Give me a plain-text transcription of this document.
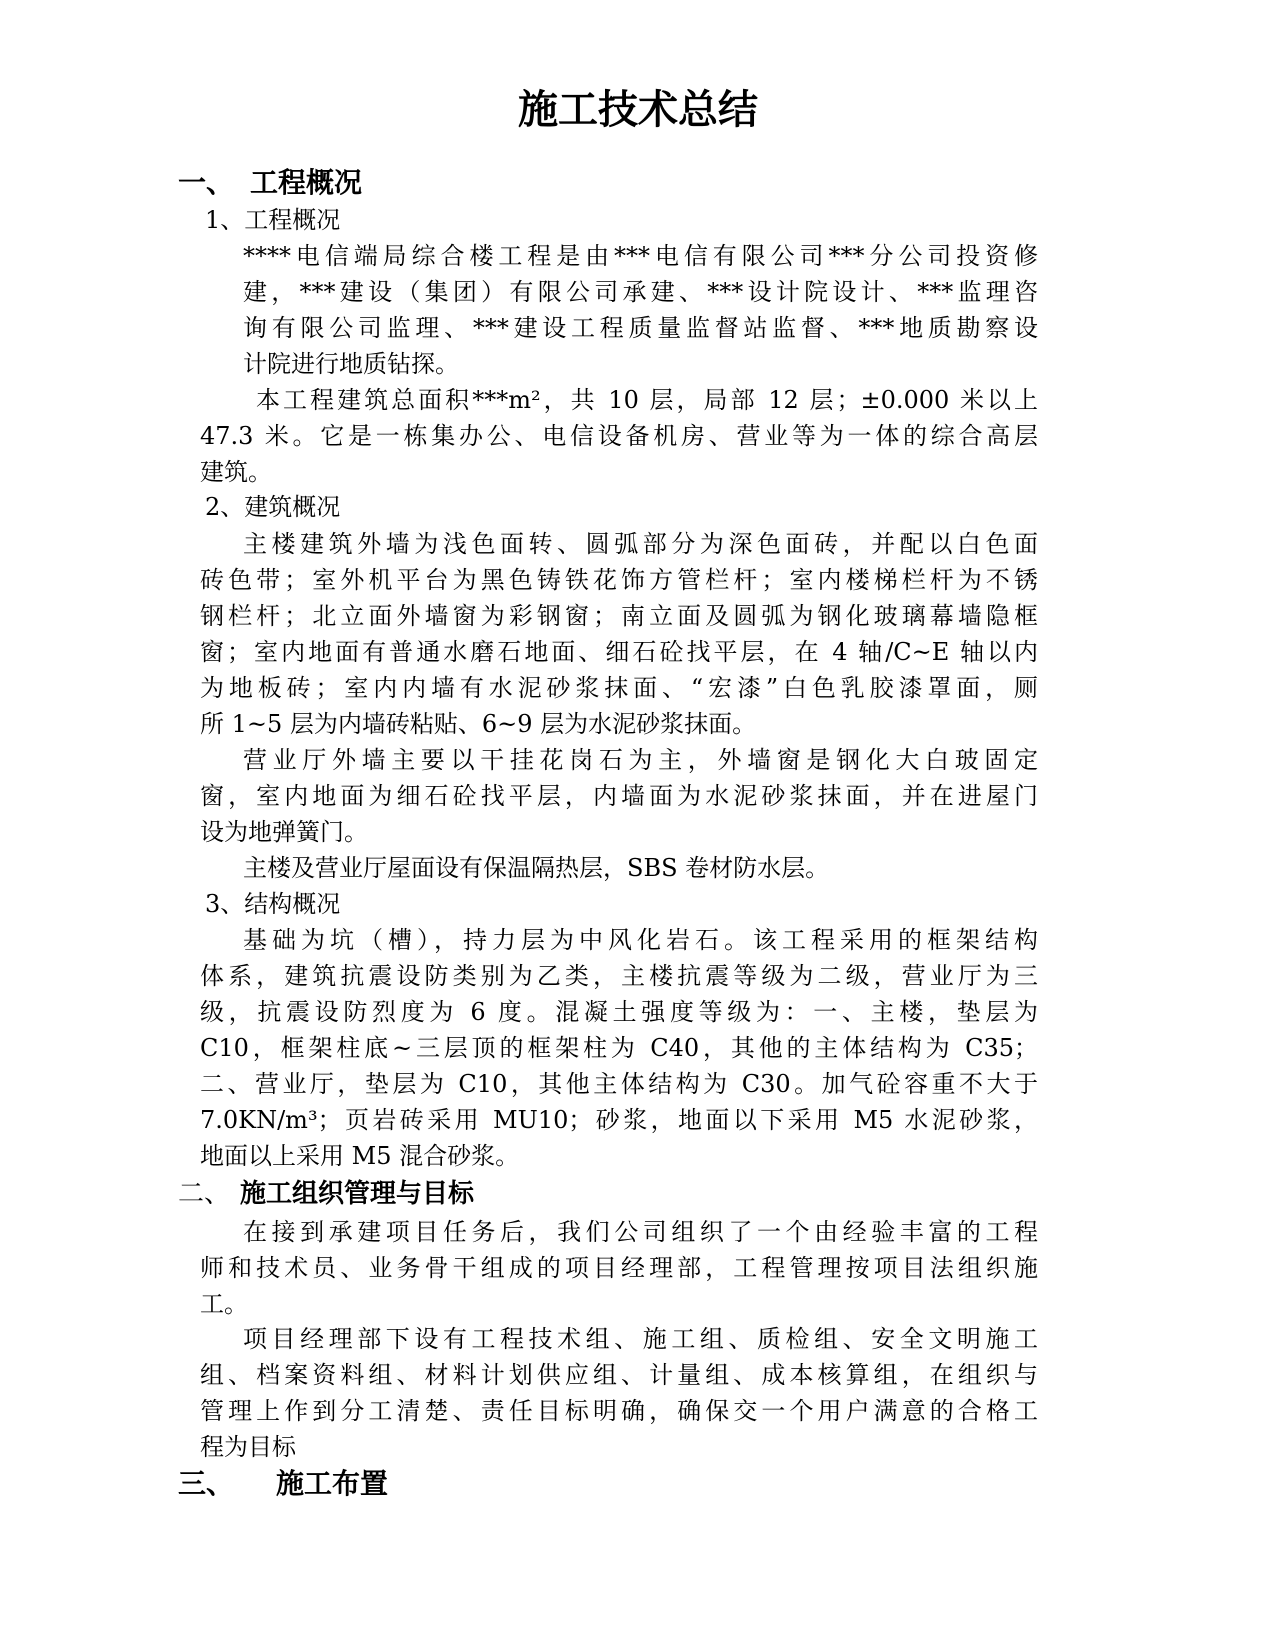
施工技术总结
一、 工程概况
1、工程概况
****电信端局综合楼工程是由***电信有限公司***分公司投资修
建，***建设（集团）有限公司承建、***设计院设计、***监理咨
询有限公司监理、***建设工程质量监督站监督、***地质勘察设
计院进行地质钻探。
本工程建筑总面积***m²，共 10 层，局部 12 层；±0.000 米以上
47.3 米。它是一栋集办公、电信设备机房、营业等为一体的综合高层
建筑。
2、建筑概况
主楼建筑外墙为浅色面转、圆弧部分为深色面砖，并配以白色面
砖色带；室外机平台为黑色铸铁花饰方管栏杆；室内楼梯栏杆为不锈
钢栏杆；北立面外墙窗为彩钢窗；南立面及圆弧为钢化玻璃幕墙隐框
窗；室内地面有普通水磨石地面、细石砼找平层，在 4 轴/C~E 轴以内
为地板砖；室内内墙有水泥砂浆抹面、“宏漆”白色乳胶漆罩面，厕
所 1~5 层为内墙砖粘贴、6~9 层为水泥砂浆抹面。
营业厅外墙主要以干挂花岗石为主，外墙窗是钢化大白玻固定
窗，室内地面为细石砼找平层，内墙面为水泥砂浆抹面，并在进屋门
设为地弹簧门。
主楼及营业厅屋面设有保温隔热层，SBS 卷材防水层。
3、结构概况
基础为坑（槽），持力层为中风化岩石。该工程采用的框架结构
体系，建筑抗震设防类别为乙类，主楼抗震等级为二级，营业厅为三
级，抗震设防烈度为 6 度。混凝土强度等级为：一、主楼，垫层为
C10，框架柱底~三层顶的框架柱为 C40，其他的主体结构为 C35；
二、营业厅，垫层为 C10，其他主体结构为 C30。加气砼容重不大于
7.0KN/m³；页岩砖采用 MU10；砂浆，地面以下采用 M5 水泥砂浆，
地面以上采用 M5 混合砂浆。
二、 施工组织管理与目标
在接到承建项目任务后，我们公司组织了一个由经验丰富的工程
师和技术员、业务骨干组成的项目经理部，工程管理按项目法组织施
工。
项目经理部下设有工程技术组、施工组、质检组、安全文明施工
组、档案资料组、材料计划供应组、计量组、成本核算组，在组织与
管理上作到分工清楚、责任目标明确，确保交一个用户满意的合格工
程为目标
三、 施工布置
